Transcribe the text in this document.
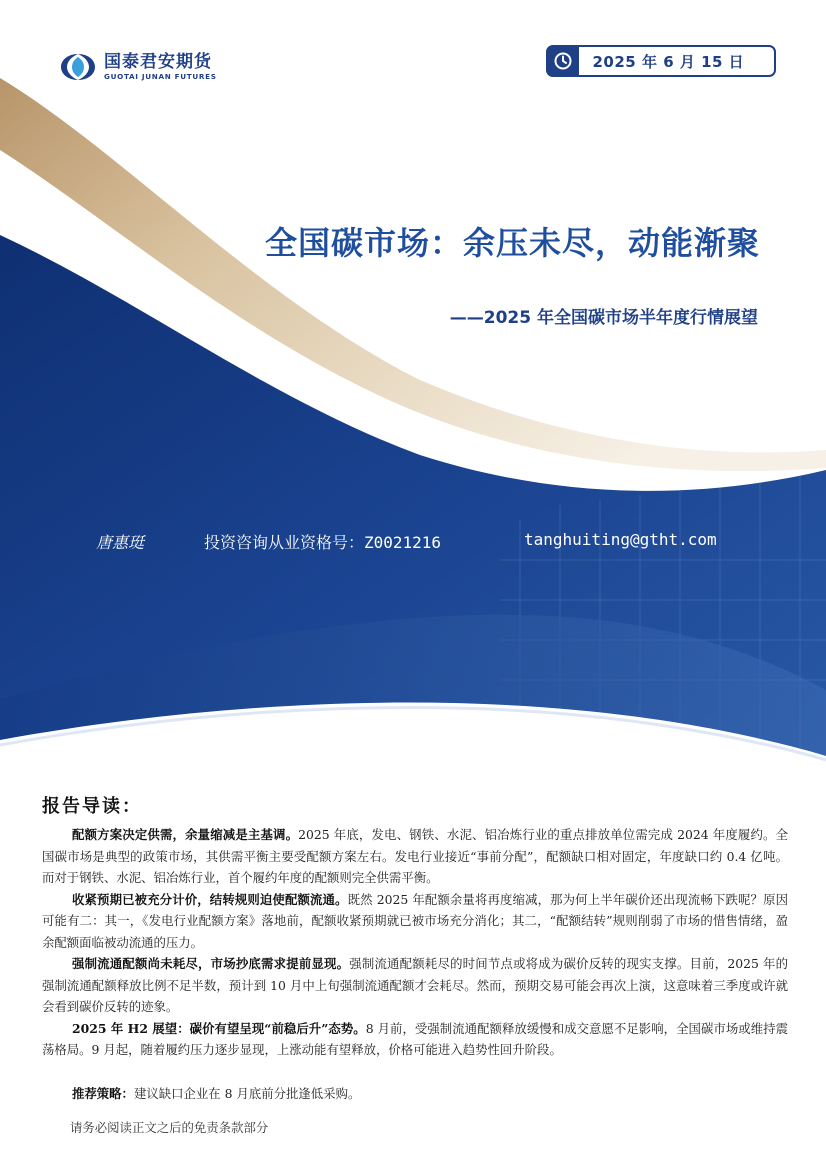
国泰君安期货
GUOTAI JUNAN FUTURES
2025 年 6 月 15 日
全国碳市场：余压未尽，动能渐聚
——2025 年全国碳市场半年度行情展望
唐惠珽	投资咨询从业资格号：Z0021216	tanghuiting@gtht.com
报告导读：

配额方案决定供需，余量缩减是主基调。2025 年底，发电、钢铁、水泥、铝冶炼行业的重点排放单位需完成 2024 年度履约。全国碳市场是典型的政策市场，其供需平衡主要受配额方案左右。发电行业接近“事前分配”，配额缺口相对固定，年度缺口约 0.4 亿吨。而对于钢铁、水泥、铝冶炼行业，首个履约年度的配额则完全供需平衡。

收紧预期已被充分计价，结转规则迫使配额流通。既然 2025 年配额余量将再度缩减，那为何上半年碳价还出现流畅下跌呢？原因可能有二：其一，《发电行业配额方案》落地前，配额收紧预期就已被市场充分消化；其二，“配额结转”规则削弱了市场的惜售情绪，盈余配额面临被动流通的压力。

强制流通配额尚未耗尽，市场抄底需求提前显现。强制流通配额耗尽的时间节点或将成为碳价反转的现实支撑。目前，2025 年的强制流通配额释放比例不足半数，预计到 10 月中上旬强制流通配额才会耗尽。然而，预期交易可能会再次上演，这意味着三季度或许就会看到碳价反转的迹象。

2025 年 H2 展望：碳价有望呈现“前稳后升”态势。8 月前，受强制流通配额释放缓慢和成交意愿不足影响，全国碳市场或维持震荡格局。9 月起，随着履约压力逐步显现，上涨动能有望释放，价格可能进入趋势性回升阶段。

推荐策略：建议缺口企业在 8 月底前分批逢低采购。
请务必阅读正文之后的免责条款部分
